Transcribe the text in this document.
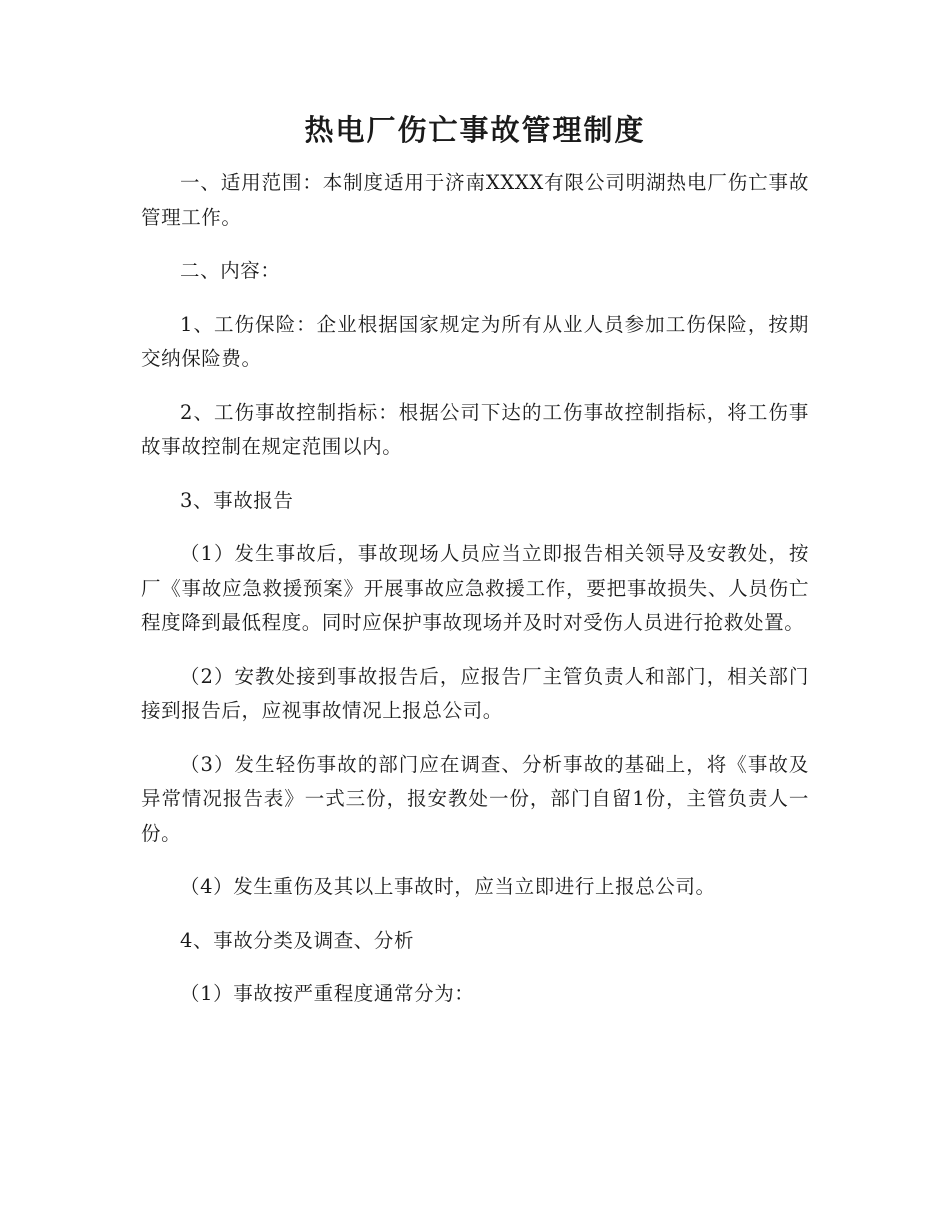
热电厂伤亡事故管理制度

一、适用范围：本制度适用于济南XXXX有限公司明湖热电厂伤亡事故管理工作。

二、内容：

1、工伤保险：企业根据国家规定为所有从业人员参加工伤保险，按期交纳保险费。

2、工伤事故控制指标：根据公司下达的工伤事故控制指标，将工伤事故事故控制在规定范围以内。

3、事故报告

（1）发生事故后，事故现场人员应当立即报告相关领导及安教处，按厂《事故应急救援预案》开展事故应急救援工作，要把事故损失、人员伤亡程度降到最低程度。同时应保护事故现场并及时对受伤人员进行抢救处置。

（2）安教处接到事故报告后，应报告厂主管负责人和部门，相关部门接到报告后，应视事故情况上报总公司。

（3）发生轻伤事故的部门应在调查、分析事故的基础上，将《事故及异常情况报告表》一式三份，报安教处一份，部门自留1份，主管负责人一份。

（4）发生重伤及其以上事故时，应当立即进行上报总公司。

4、事故分类及调查、分析

（1）事故按严重程度通常分为：
